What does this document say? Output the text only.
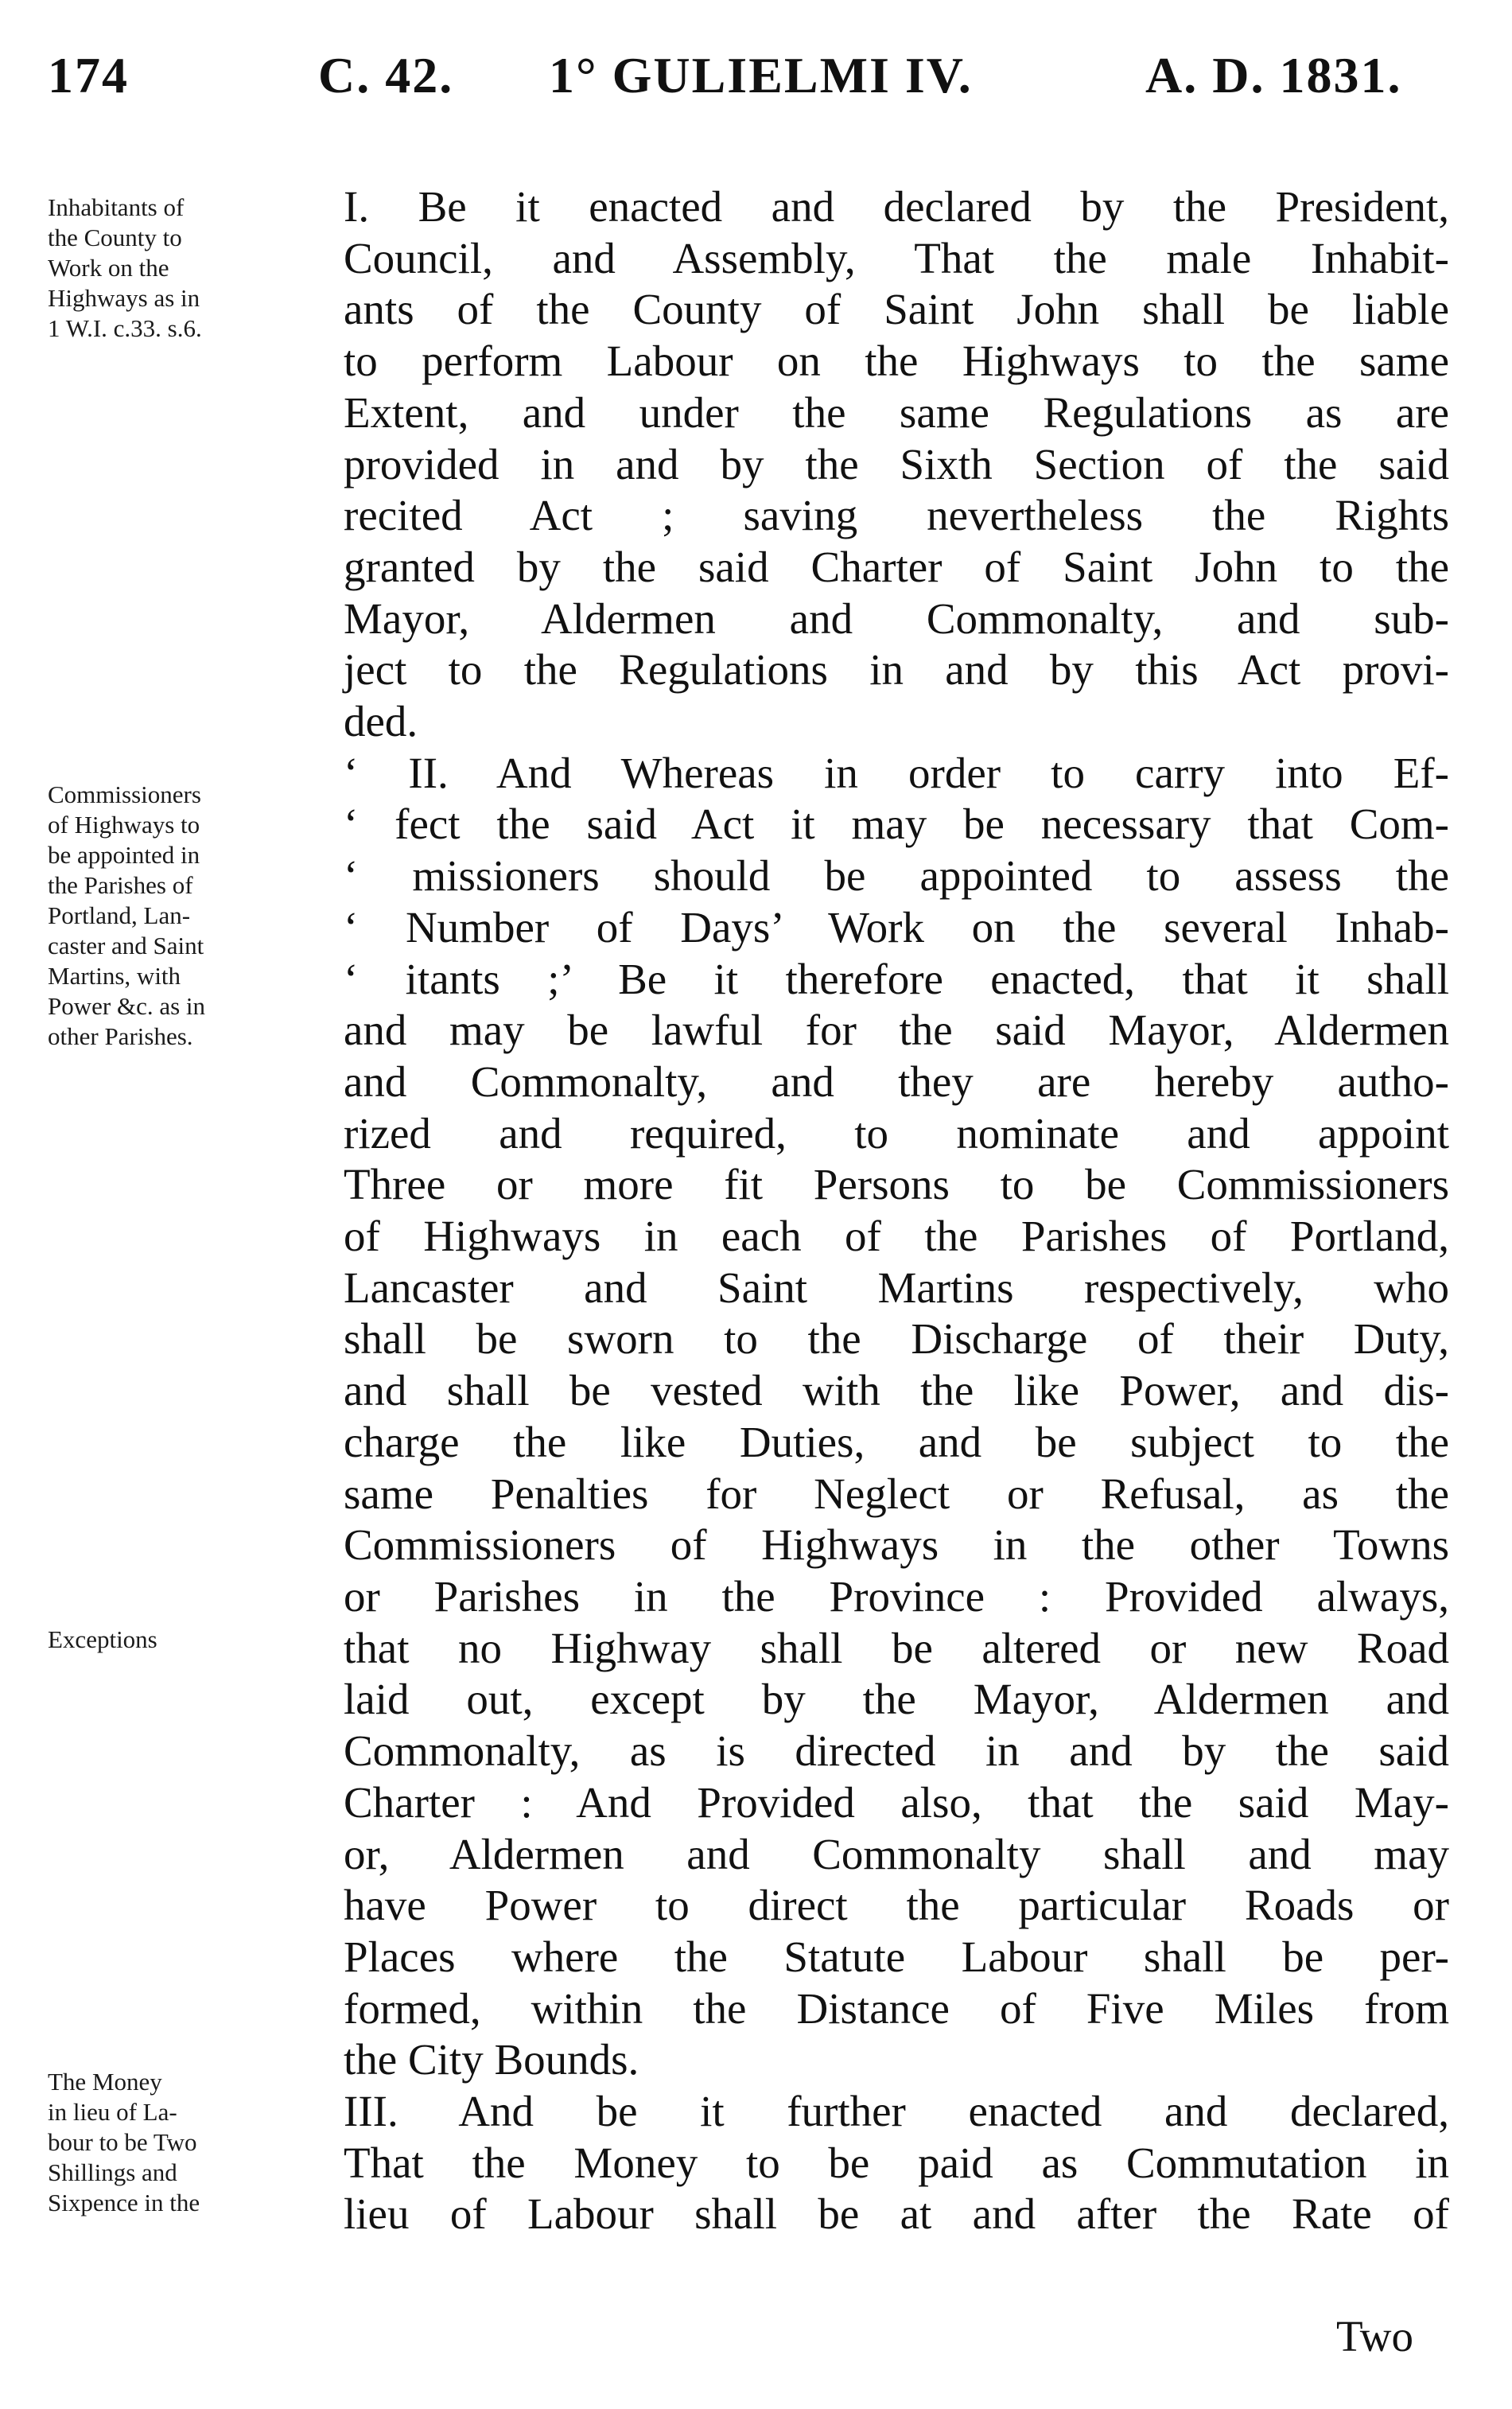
174	C. 42. 1° GULIELMI IV.	A. D. 1831.
Inhabitants of
the County to
Work on the
Highways as in
1 W.I. c.33. s.6.
Commissioners
of Highways to
be appointed in
the Parishes of
Portland, Lan-
caster and Saint
Martins, with
Power &c. as in
other Parishes.
Exceptions
The Money
in lieu of La-
bour to be Two
Shillings and
Sixpence in the
I. Be it enacted and declared by the President,
Council, and Assembly, That the male Inhabit-
ants of the County of Saint John shall be liable
to perform Labour on the Highways to the same
Extent, and under the same Regulations as are
provided in and by the Sixth Section of the said
recited Act ; saving nevertheless the Rights
granted by the said Charter of Saint John to the
Mayor, Aldermen and Commonalty, and sub-
ject to the Regulations in and by this Act provi-
ded.
‘ II. And Whereas in order to carry into Ef-
‘ fect the said Act it may be necessary that Com-
‘ missioners should be appointed to assess the
‘ Number of Days’ Work on the several Inhab-
‘ itants ;’ Be it therefore enacted, that it shall
and may be lawful for the said Mayor, Aldermen
and Commonalty, and they are hereby autho-
rized and required, to nominate and appoint
Three or more fit Persons to be Commissioners
of Highways in each of the Parishes of Portland,
Lancaster and Saint Martins respectively, who
shall be sworn to the Discharge of their Duty,
and shall be vested with the like Power, and dis-
charge the like Duties, and be subject to the
same Penalties for Neglect or Refusal, as the
Commissioners of Highways in the other Towns
or Parishes in the Province : Provided always,
that no Highway shall be altered or new Road
laid out, except by the Mayor, Aldermen and
Commonalty, as is directed in and by the said
Charter : And Provided also, that the said May-
or, Aldermen and Commonalty shall and may
have Power to direct the particular Roads or
Places where the Statute Labour shall be per-
formed, within the Distance of Five Miles from
the City Bounds.
III. And be it further enacted and declared,
That the Money to be paid as Commutation in
lieu of Labour shall be at and after the Rate of
Two
